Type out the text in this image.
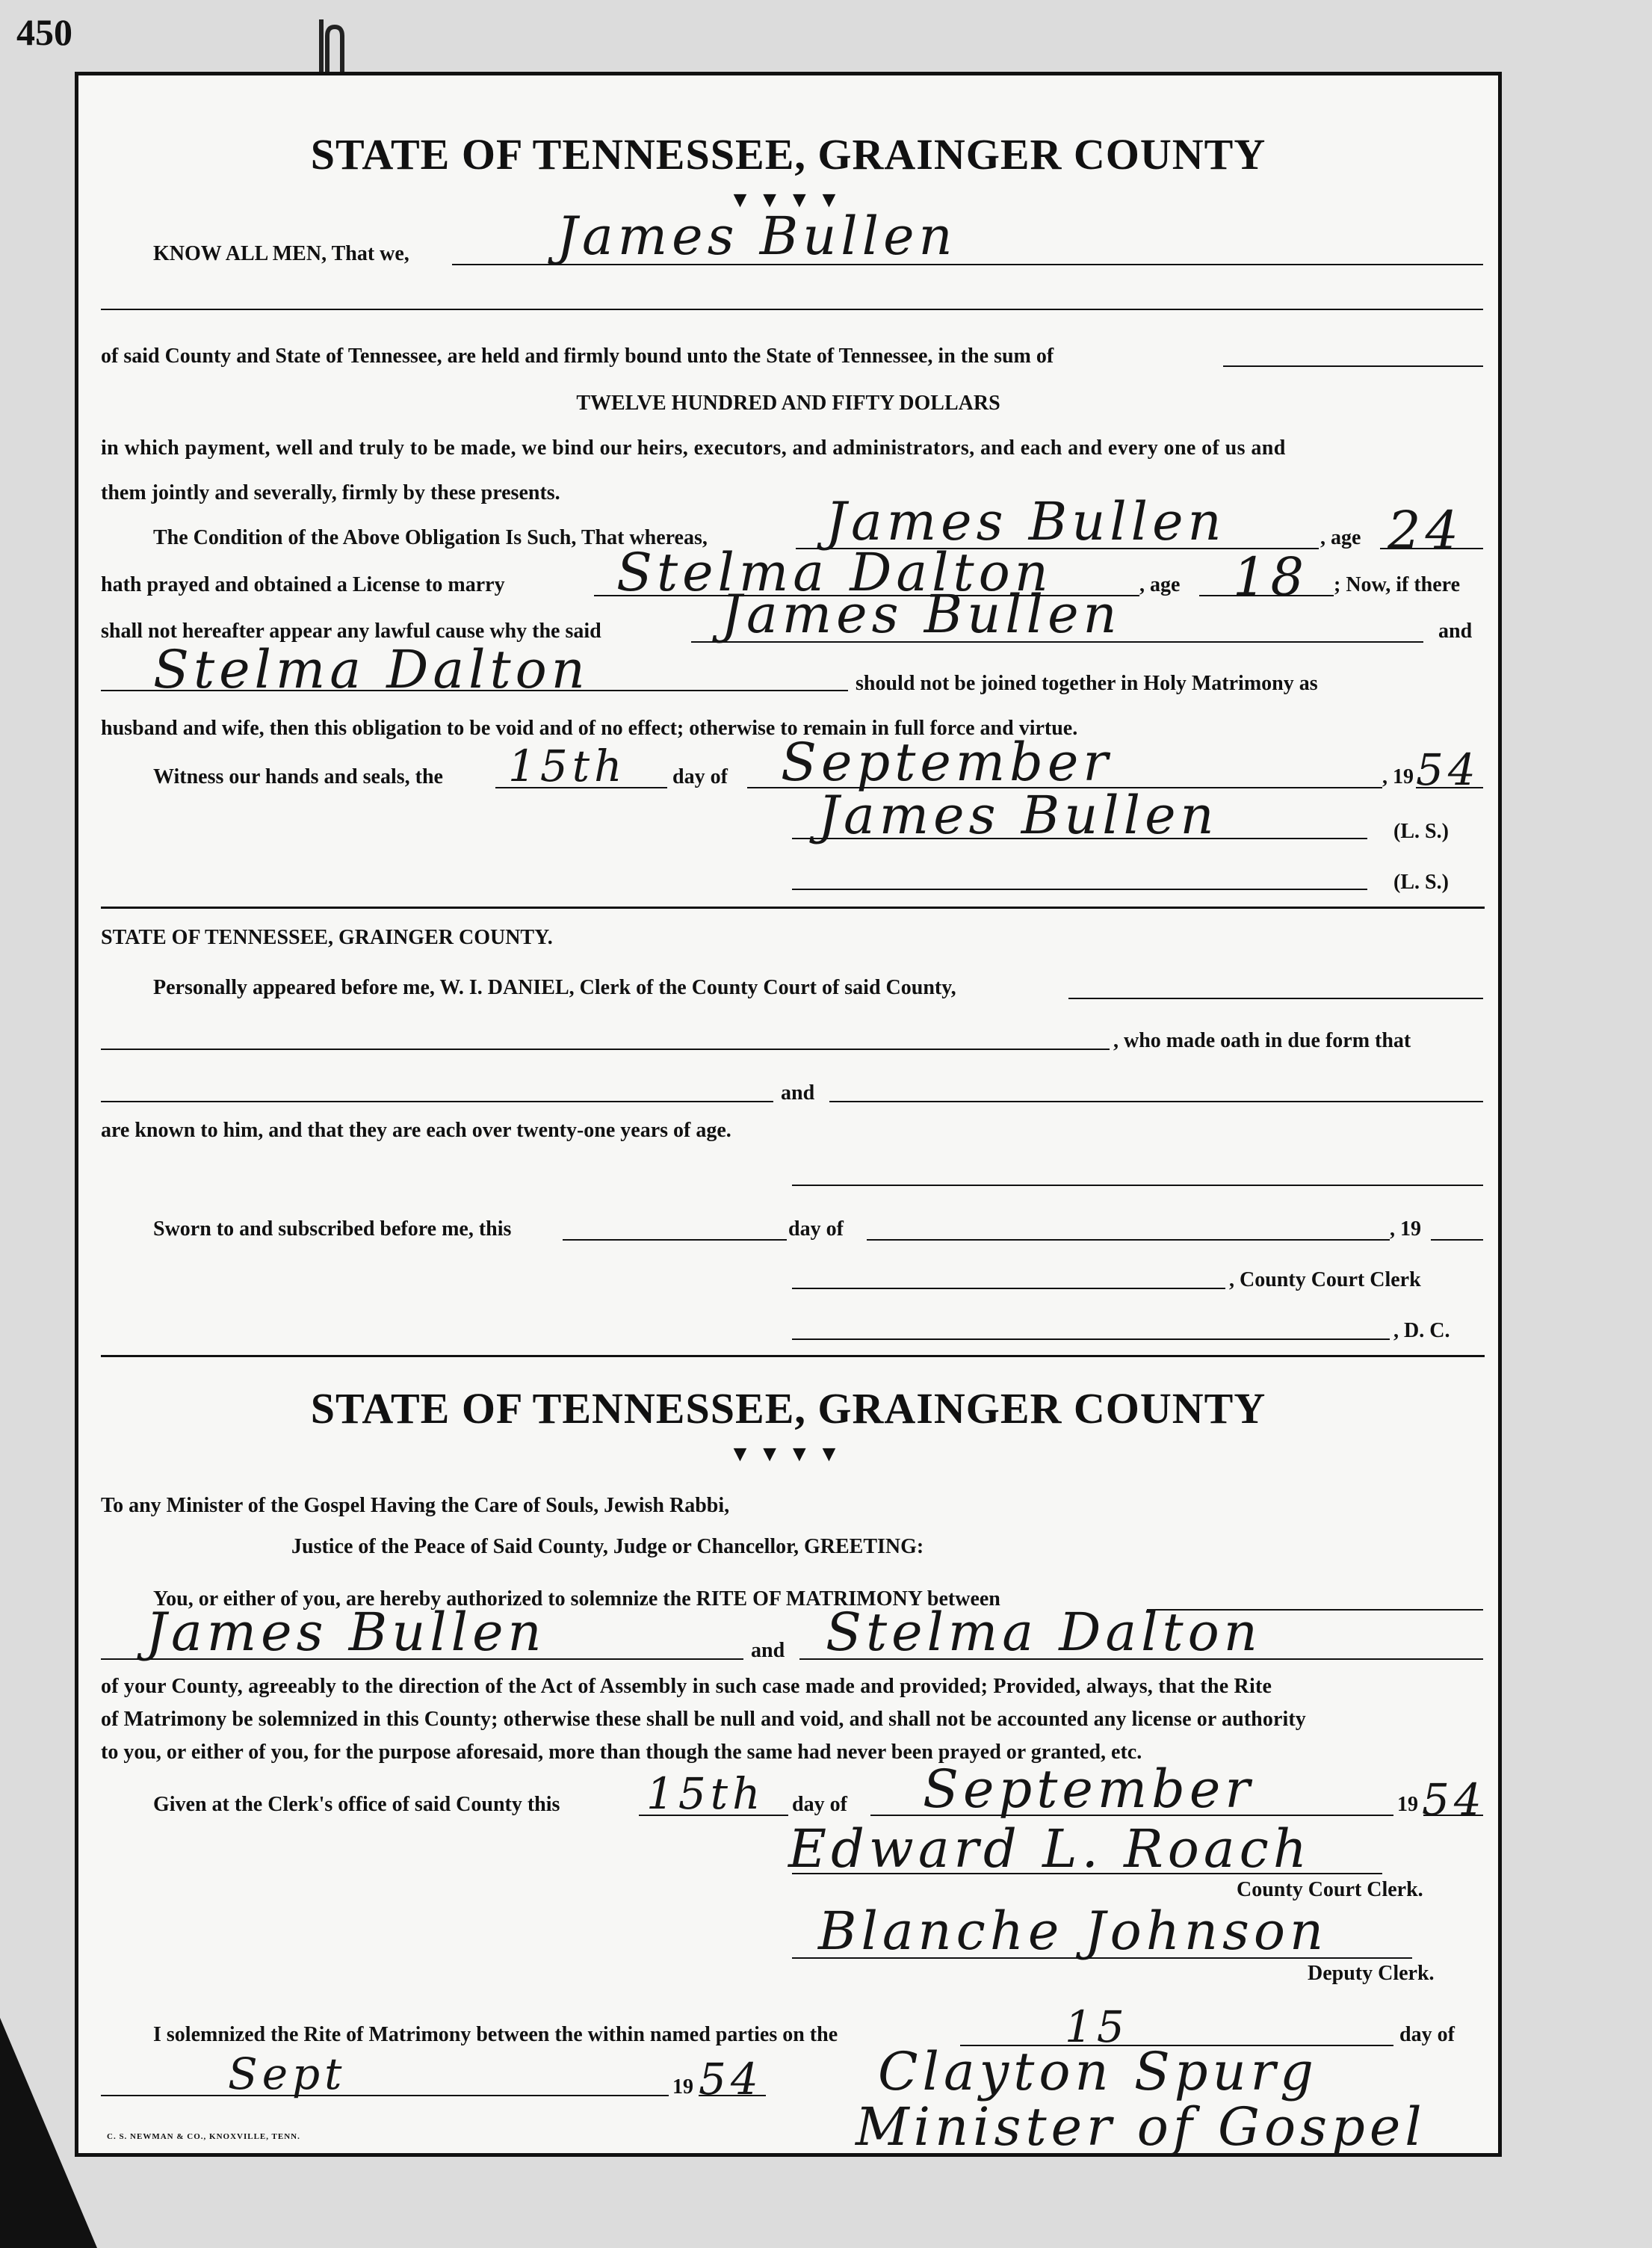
450
STATE OF TENNESSEE, GRAINGER COUNTY
▼▼▼▼
KNOW ALL MEN, That we,	James Bullen
of said County and State of Tennessee, are held and firmly bound unto the State of Tennessee, in the sum of
TWELVE HUNDRED AND FIFTY DOLLARS
in which payment, well and truly to be made, we bind our heirs, executors, and administrators, and each and every one of us and
them jointly and severally, firmly by these presents.
The Condition of the Above Obligation Is Such, That whereas, James Bullen	, age 24
hath prayed and obtained a License to marry Stelma Dalton	, age 18 ; Now, if there
shall not hereafter appear any lawful cause why the said James Bullen	and
Stelma Dalton	should not be joined together in Holy Matrimony as
husband and wife, then this obligation to be void and of no effect; otherwise to remain in full force and virtue.
Witness our hands and seals, the 15th day of September	, 19 54
James Bullen	(L. S.)
(L. S.)
STATE OF TENNESSEE, GRAINGER COUNTY.
Personally appeared before me, W. I. DANIEL, Clerk of the County Court of said County,
, who made oath in due form that
and
are known to him, and that they are each over twenty-one years of age.
Sworn to and subscribed before me, this	day of	, 19
, County Court Clerk
, D. C.
STATE OF TENNESSEE, GRAINGER COUNTY
▼▼▼▼
To any Minister of the Gospel Having the Care of Souls, Jewish Rabbi,
Justice of the Peace of Said County, Judge or Chancellor, GREETING:
You, or either of you, are hereby authorized to solemnize the RITE OF MATRIMONY between
James Bullen	and Stelma Dalton
of your County, agreeably to the direction of the Act of Assembly in such case made and provided; Provided, always, that the Rite
of Matrimony be solemnized in this County; otherwise these shall be null and void, and shall not be accounted any license or authority
to you, or either of you, for the purpose aforesaid, more than though the same had never been prayed or granted, etc.
Given at the Clerk's office of said County this 15th day of September	19 54
Edward L. Roach
County Court Clerk.
Blanche Johnson
Deputy Clerk.
I solemnized the Rite of Matrimony between the within named parties on the	15	day of
Sept	19 54 Clayton Spurg
Minister of Gospel
C. S. NEWMAN & CO., KNOXVILLE, TENN.
